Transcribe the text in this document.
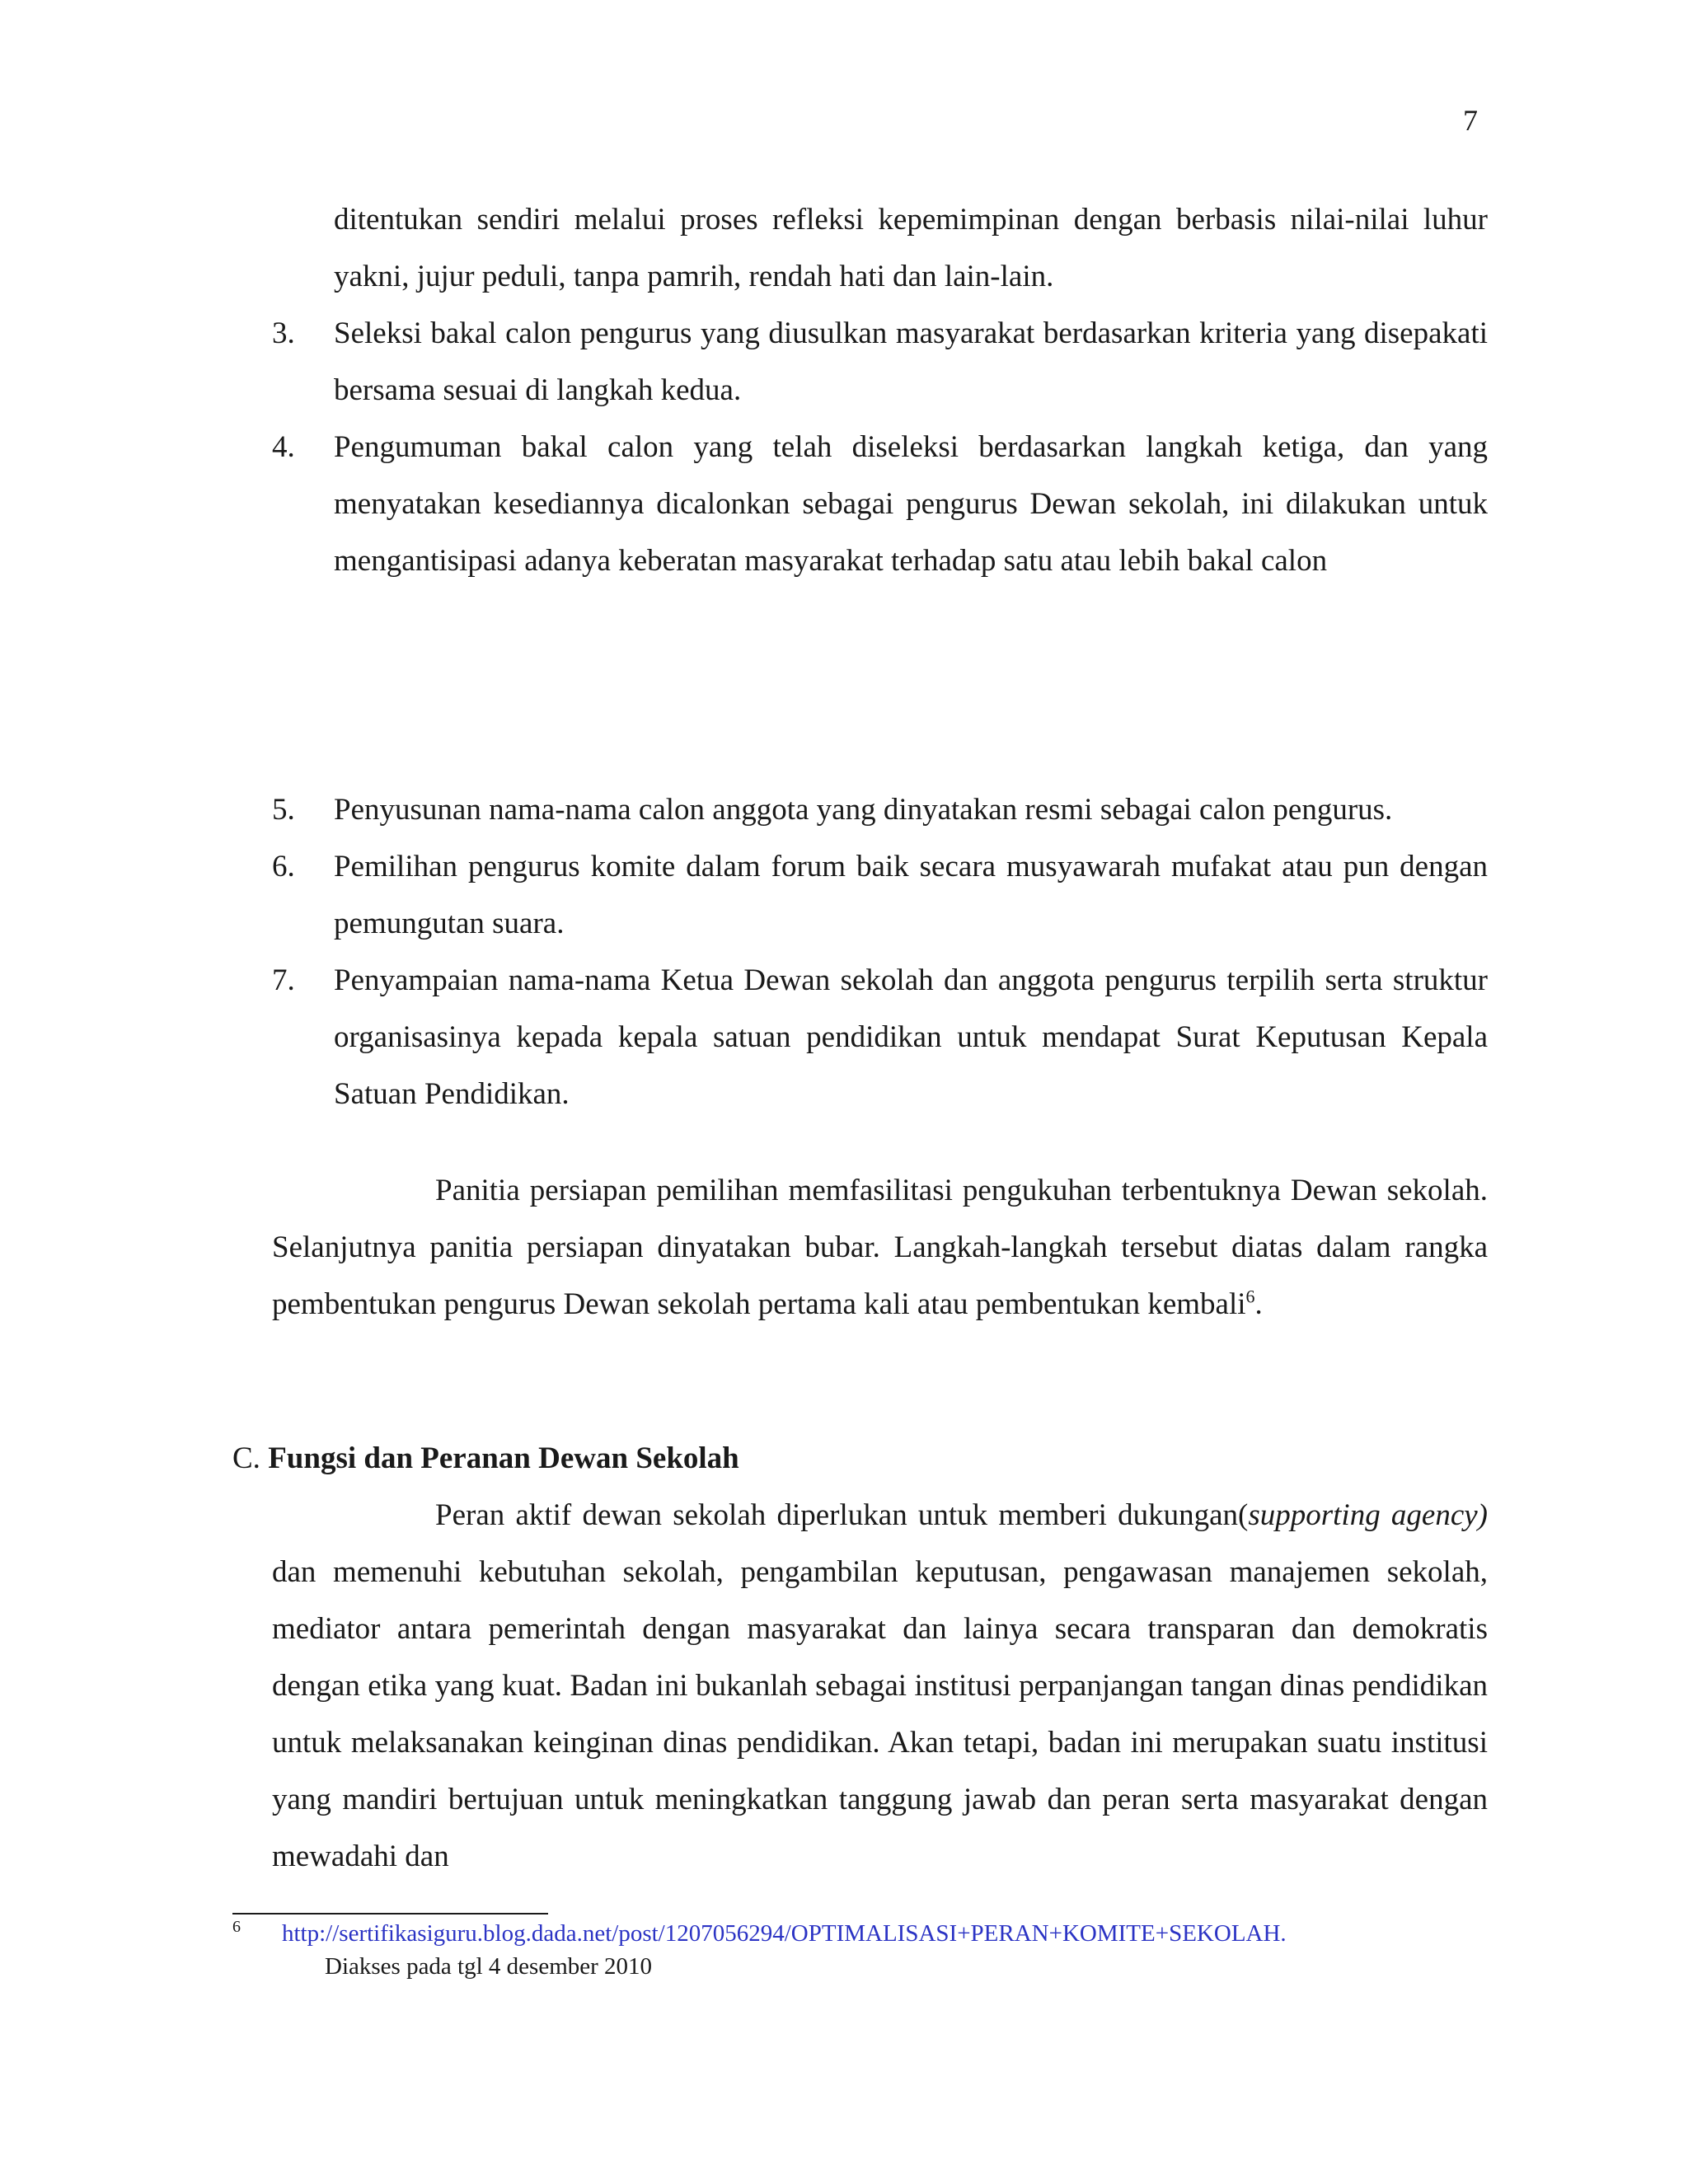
7
ditentukan sendiri melalui proses refleksi kepemimpinan dengan berbasis nilai-nilai luhur yakni, jujur peduli, tanpa pamrih, rendah hati dan lain-lain.
3.	Seleksi bakal calon pengurus yang diusulkan masyarakat berdasarkan kriteria yang disepakati bersama sesuai di langkah kedua.
4.	Pengumuman bakal calon yang telah diseleksi berdasarkan langkah ketiga, dan yang menyatakan kesediannya dicalonkan sebagai pengurus Dewan sekolah, ini dilakukan untuk mengantisipasi adanya keberatan masyarakat terhadap satu atau lebih bakal calon
5.	Penyusunan nama-nama calon anggota yang dinyatakan resmi sebagai calon pengurus.
6.	Pemilihan pengurus komite dalam forum baik secara musyawarah mufakat atau pun dengan pemungutan suara.
7.	Penyampaian nama-nama Ketua Dewan sekolah dan anggota pengurus terpilih serta struktur organisasinya kepada kepala satuan pendidikan untuk mendapat Surat Keputusan Kepala Satuan Pendidikan.
Panitia persiapan pemilihan memfasilitasi pengukuhan terbentuknya Dewan sekolah. Selanjutnya panitia persiapan dinyatakan bubar. Langkah-langkah tersebut diatas dalam rangka pembentukan pengurus Dewan sekolah pertama kali atau pembentukan kembali$^6$.
C. Fungsi dan Peranan Dewan Sekolah
Peran aktif dewan sekolah diperlukan untuk memberi dukungan(supporting agency) dan memenuhi kebutuhan sekolah, pengambilan keputusan, pengawasan manajemen sekolah, mediator antara pemerintah dengan masyarakat dan lainya secara transparan dan demokratis dengan etika yang kuat. Badan ini bukanlah sebagai institusi perpanjangan tangan dinas pendidikan untuk melaksanakan keinginan dinas pendidikan. Akan tetapi, badan ini merupakan suatu institusi yang mandiri bertujuan untuk meningkatkan tanggung jawab dan peran serta masyarakat dengan mewadahi dan
6	http://sertifikasiguru.blog.dada.net/post/1207056294/OPTIMALISASI+PERAN+KOMITE+SEKOLAH.
Diakses pada tgl 4 desember 2010
